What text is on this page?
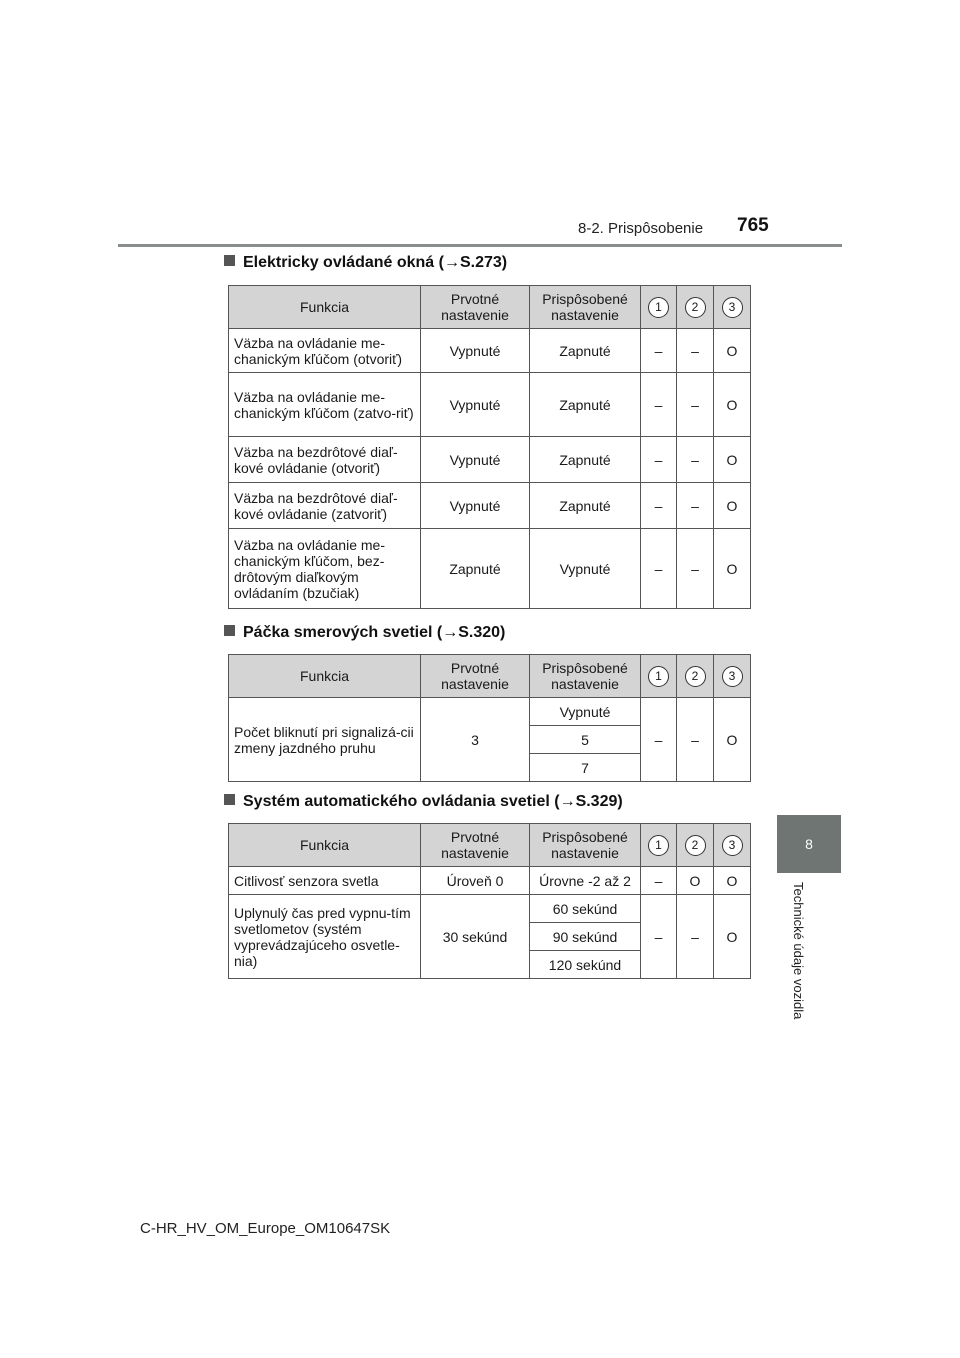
8-2. Prispôsobenie 765
8
Technické údaje vozidla
Elektricky ovládané okná (→S.273)
Funkcia	Prvotné nastavenie	Prispôsobené nastavenie	1	2	3
Väzba na ovládanie me-chanickým kľúčom (otvoriť)	Vypnuté	Zapnuté	–	–	O
Väzba na ovládanie me-chanickým kľúčom (zatvo-riť)	Vypnuté	Zapnuté	–	–	O
Väzba na bezdrôtové diaľ-kové ovládanie (otvoriť)	Vypnuté	Zapnuté	–	–	O
Väzba na bezdrôtové diaľ-kové ovládanie (zatvoriť)	Vypnuté	Zapnuté	–	–	O
Väzba na ovládanie me-chanickým kľúčom, bez-drôtovým diaľkovým ovládaním (bzučiak)	Zapnuté	Vypnuté	–	–	O
Páčka smerových svetiel (→S.320)
Funkcia	Prvotné nastavenie	Prispôsobené nastavenie	1	2	3
Počet bliknutí pri signalizá-cii zmeny jazdného pruhu	3	Vypnuté	–	–	O
		5			
		7			
Systém automatického ovládania svetiel (→S.329)
Funkcia	Prvotné nastavenie	Prispôsobené nastavenie	1	2	3
Citlivosť senzora svetla	Úroveň 0	Úrovne -2 až 2	–	O	O
Uplynulý čas pred vypnu-tím svetlometov (systém vyprevádzajúceho osvetle-nia)	30 sekúnd	60 sekúnd	–	–	O
		90 sekúnd			
		120 sekúnd			
C-HR_HV_OM_Europe_OM10647SK
